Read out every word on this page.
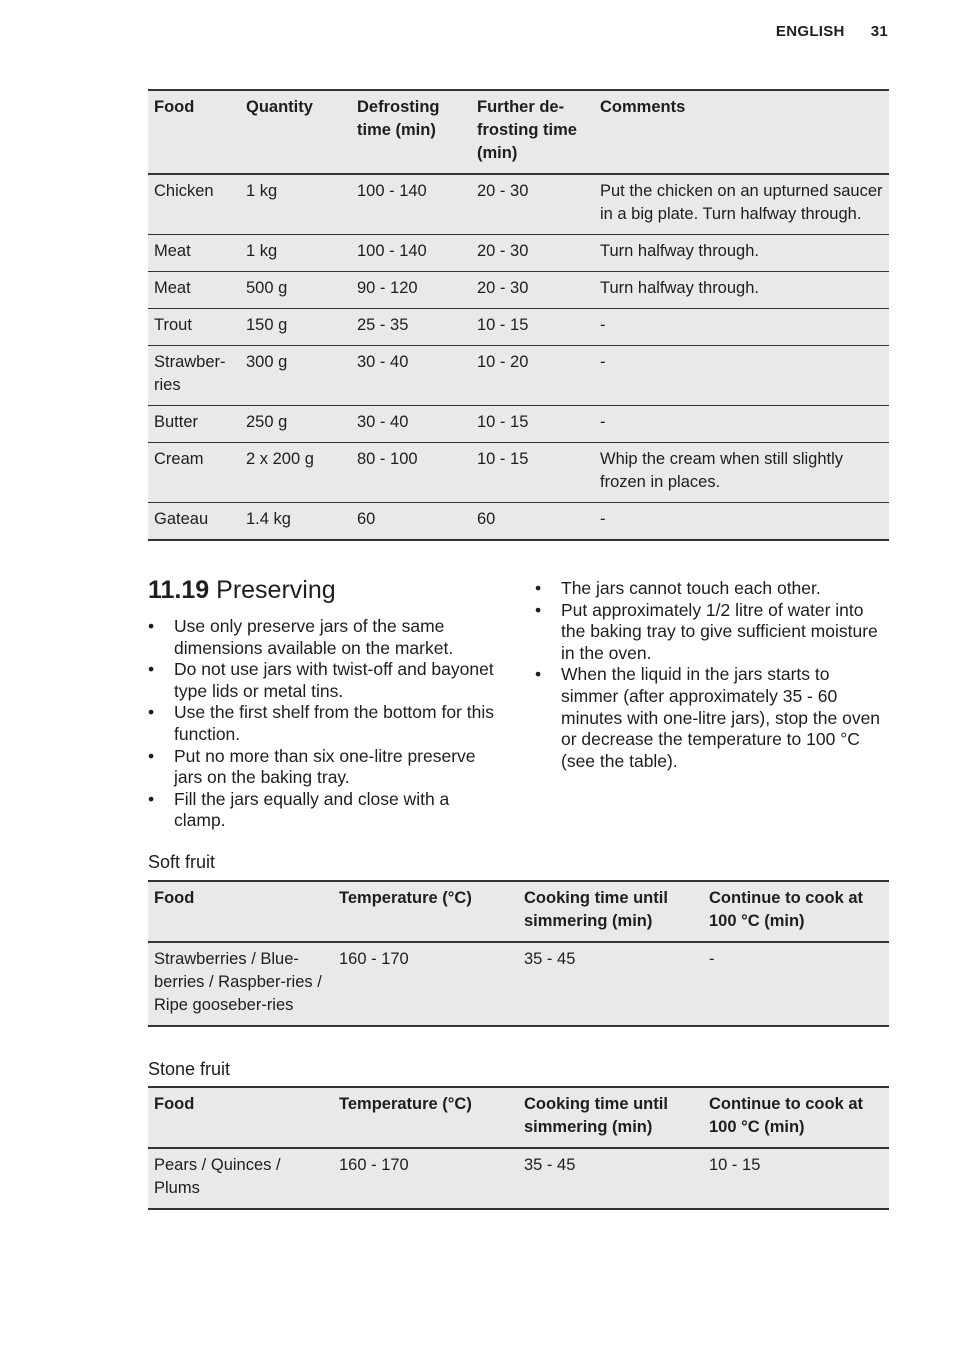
ENGLISH 31
Food	Quantity	Defrosting time (min)	Further de-frosting time (min)	Comments
Chicken	1 kg	100 - 140	20 - 30	Put the chicken on an upturned saucer in a big plate. Turn halfway through.
Meat	1 kg	100 - 140	20 - 30	Turn halfway through.
Meat	500 g	90 - 120	20 - 30	Turn halfway through.
Trout	150 g	25 - 35	10 - 15	-
Strawber-ries	300 g	30 - 40	10 - 20	-
Butter	250 g	30 - 40	10 - 15	-
Cream	2 x 200 g	80 - 100	10 - 15	Whip the cream when still slightly frozen in places.
Gateau	1.4 kg	60	60	-
11.19 Preserving
• Use only preserve jars of the same dimensions available on the market.
• Do not use jars with twist-off and bayonet type lids or metal tins.
• Use the first shelf from the bottom for this function.
• Put no more than six one-litre preserve jars on the baking tray.
• Fill the jars equally and close with a clamp.
• The jars cannot touch each other.
• Put approximately 1/2 litre of water into the baking tray to give sufficient moisture in the oven.
• When the liquid in the jars starts to simmer (after approximately 35 - 60 minutes with one-litre jars), stop the oven or decrease the temperature to 100 °C (see the table).
Soft fruit
Food	Temperature (°C)	Cooking time until simmering (min)	Continue to cook at 100 °C (min)
Strawberries / Blue-berries / Raspber-ries / Ripe gooseber-ries	160 - 170	35 - 45	-
Stone fruit
Food	Temperature (°C)	Cooking time until simmering (min)	Continue to cook at 100 °C (min)
Pears / Quinces / Plums	160 - 170	35 - 45	10 - 15
